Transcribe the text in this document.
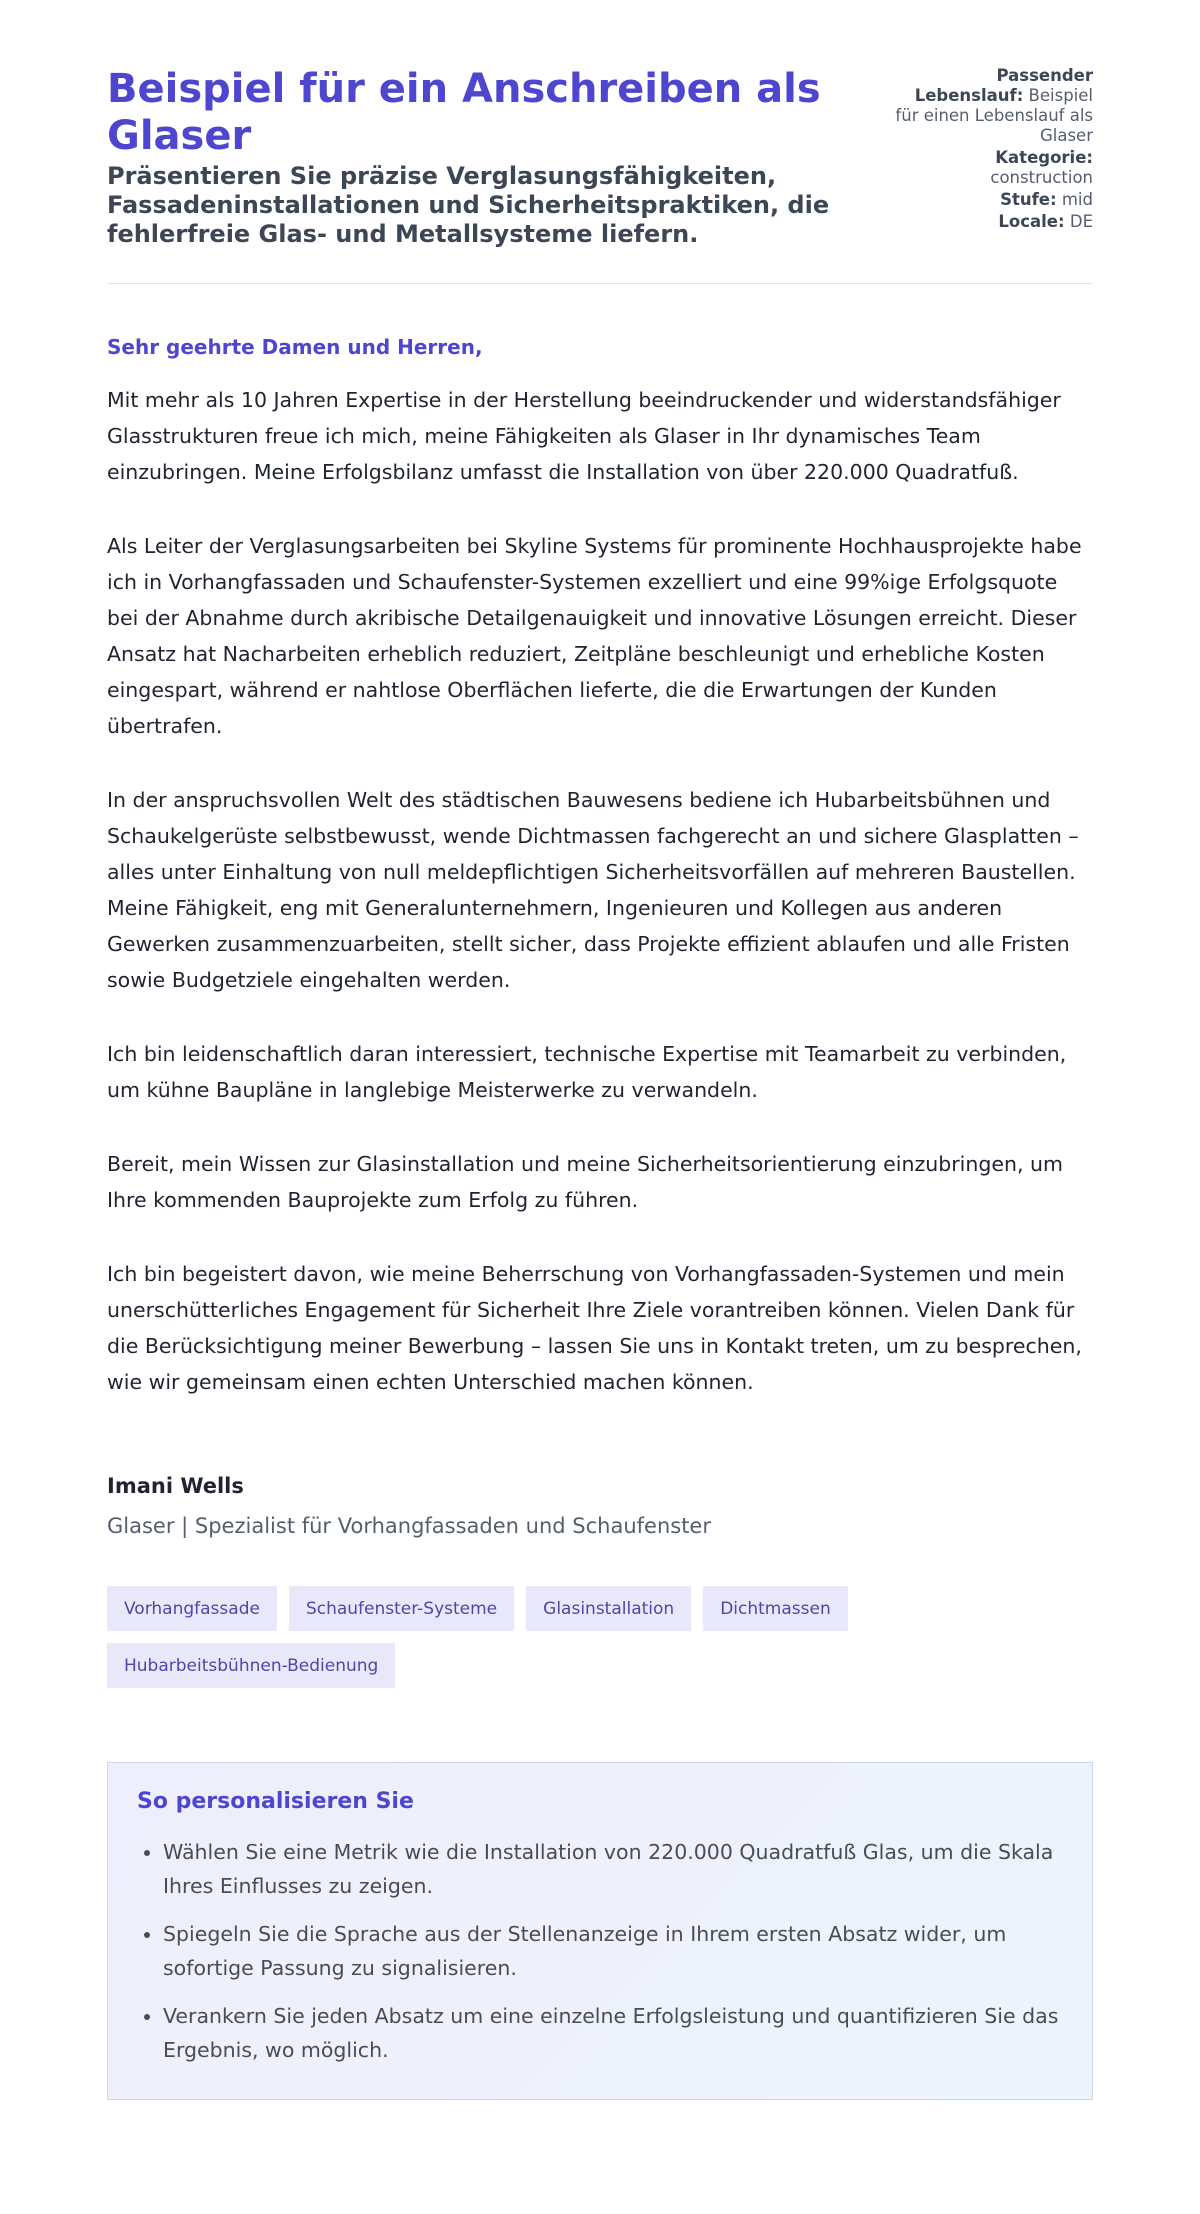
Beispiel für ein Anschreiben als Glaser
Präsentieren Sie präzise Verglasungsfähigkeiten, Fassadeninstallationen und Sicherheitspraktiken, die fehlerfreie Glas- und Metallsysteme liefern.
Passender Lebenslauf: Beispiel für einen Lebenslauf als Glaser
Kategorie: construction
Stufe: mid
Locale: DE

Sehr geehrte Damen und Herren,

Mit mehr als 10 Jahren Expertise in der Herstellung beeindruckender und widerstandsfähiger Glasstrukturen freue ich mich, meine Fähigkeiten als Glaser in Ihr dynamisches Team einzubringen. Meine Erfolgsbilanz umfasst die Installation von über 220.000 Quadratfuß.

Als Leiter der Verglasungsarbeiten bei Skyline Systems für prominente Hochhausprojekte habe ich in Vorhangfassaden und Schaufenster-Systemen exzelliert und eine 99%ige Erfolgsquote bei der Abnahme durch akribische Detailgenauigkeit und innovative Lösungen erreicht. Dieser Ansatz hat Nacharbeiten erheblich reduziert, Zeitpläne beschleunigt und erhebliche Kosten eingespart, während er nahtlose Oberflächen lieferte, die die Erwartungen der Kunden übertrafen.

In der anspruchsvollen Welt des städtischen Bauwesens bediene ich Hubarbeitsbühnen und Schaukelgerüste selbstbewusst, wende Dichtmassen fachgerecht an und sichere Glasplatten – alles unter Einhaltung von null meldepflichtigen Sicherheitsvorfällen auf mehreren Baustellen. Meine Fähigkeit, eng mit Generalunternehmern, Ingenieuren und Kollegen aus anderen Gewerken zusammenzuarbeiten, stellt sicher, dass Projekte effizient ablaufen und alle Fristen sowie Budgetziele eingehalten werden.

Ich bin leidenschaftlich daran interessiert, technische Expertise mit Teamarbeit zu verbinden, um kühne Baupläne in langlebige Meisterwerke zu verwandeln.

Bereit, mein Wissen zur Glasinstallation und meine Sicherheitsorientierung einzubringen, um Ihre kommenden Bauprojekte zum Erfolg zu führen.

Ich bin begeistert davon, wie meine Beherrschung von Vorhangfassaden-Systemen und mein unerschütterliches Engagement für Sicherheit Ihre Ziele vorantreiben können. Vielen Dank für die Berücksichtigung meiner Bewerbung – lassen Sie uns in Kontakt treten, um zu besprechen, wie wir gemeinsam einen echten Unterschied machen können.

Imani Wells

Glaser | Spezialist für Vorhangfassaden und Schaufenster

Vorhangfassade	Schaufenster-Systeme	Glasinstallation	Dichtmassen
Hubarbeitsbühnen-Bedienung
So personalisieren Sie
• Wählen Sie eine Metrik wie die Installation von 220.000 Quadratfuß Glas, um die Skala Ihres Einflusses zu zeigen.
• Spiegeln Sie die Sprache aus der Stellenanzeige in Ihrem ersten Absatz wider, um sofortige Passung zu signalisieren.
• Verankern Sie jeden Absatz um eine einzelne Erfolgsleistung und quantifizieren Sie das Ergebnis, wo möglich.
